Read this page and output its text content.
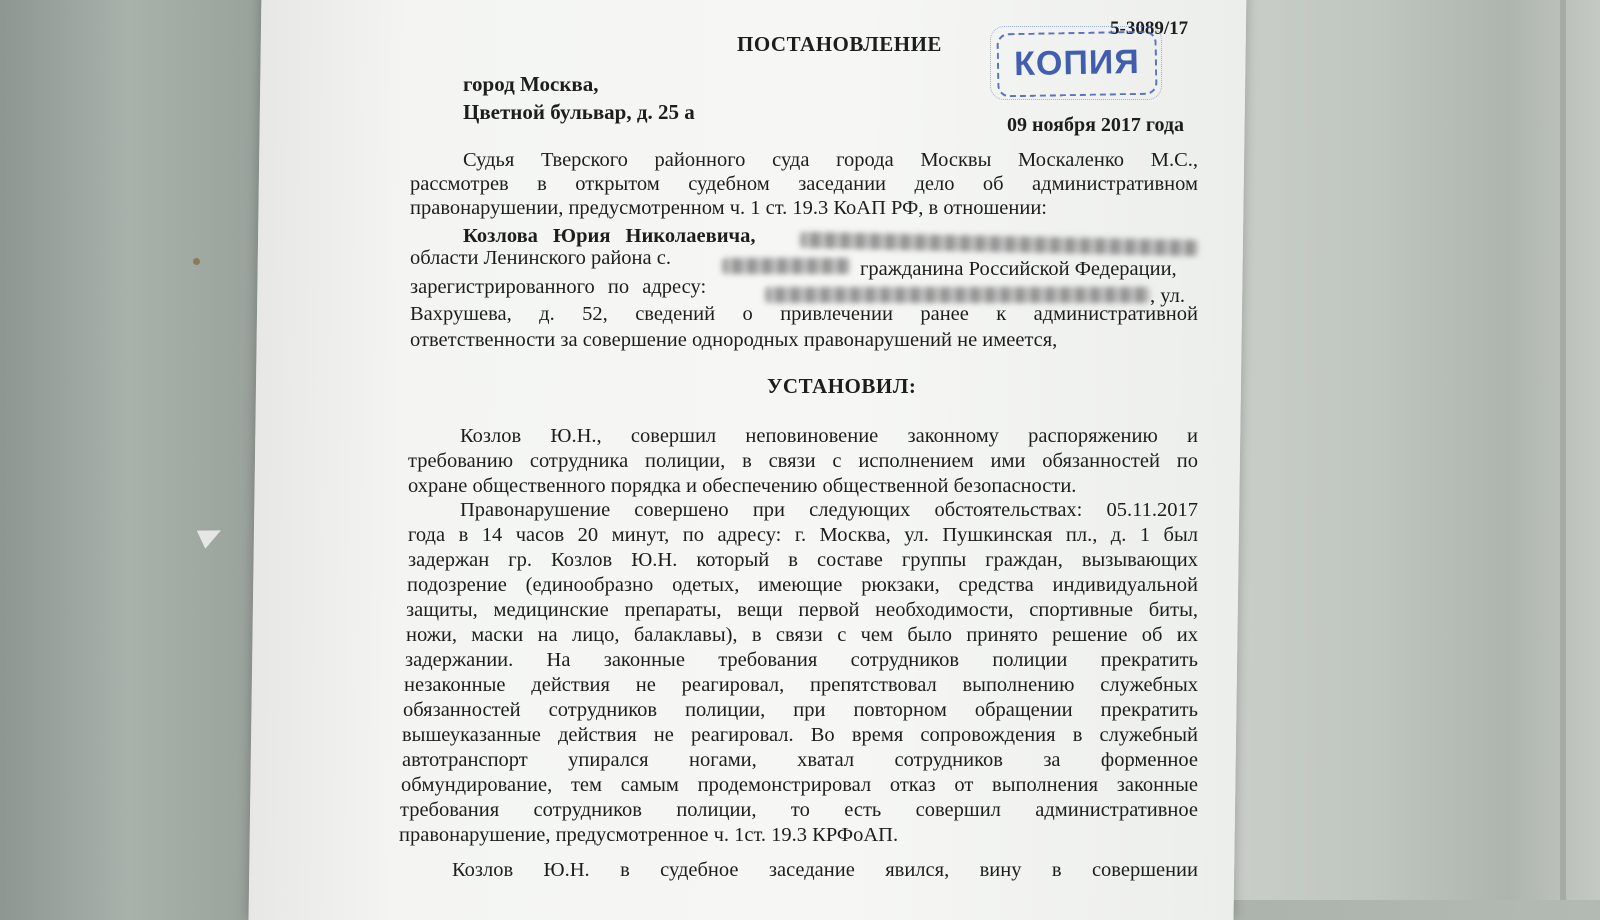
5-3089/17
ПОСТАНОВЛЕНИЕ	КОПИЯ
город Москва,
Цветной бульвар, д. 25 а
09 ноября 2017 года
Судья Тверского районного суда города Москвы Москаленко М.С.,
рассмотрев в открытом судебном заседании дело об административном
правонарушении, предусмотренном ч. 1 ст. 19.3 КоАП РФ, в отношении:
Козлова Юрия Николаевича,
области Ленинского района с.	гражданина Российской Федерации,
зарегистрированного по адресу:	, ул.
Вахрушева, д. 52, сведений о привлечении ранее к административной
ответственности за совершение однородных правонарушений не имеется,
УСТАНОВИЛ:
Козлов Ю.Н., совершил неповиновение законному распоряжению и
требованию сотрудника полиции, в связи с исполнением ими обязанностей по
охране общественного порядка и обеспечению общественной безопасности.
Правонарушение совершено при следующих обстоятельствах: 05.11.2017
года в 14 часов 20 минут, по адресу: г. Москва, ул. Пушкинская пл., д. 1 был
задержан гр. Козлов Ю.Н. который в составе группы граждан, вызывающих
подозрение (единообразно одетых, имеющие рюкзаки, средства индивидуальной
защиты, медицинские препараты, вещи первой необходимости, спортивные биты,
ножи, маски на лицо, балаклавы), в связи с чем было принято решение об их
задержании. На законные требования сотрудников полиции прекратить
незаконные действия не реагировал, препятствовал выполнению служебных
обязанностей сотрудников полиции, при повторном обращении прекратить
вышеуказанные действия не реагировал. Во время сопровождения в служебный
автотранспорт упирался ногами, хватал сотрудников за форменное
обмундирование, тем самым продемонстрировал отказ от выполнения законные
требования сотрудников полиции, то есть совершил административное
правонарушение, предусмотренное ч. 1ст. 19.3 КРФоАП.
Козлов Ю.Н. в судебное заседание явился, вину в совершении
